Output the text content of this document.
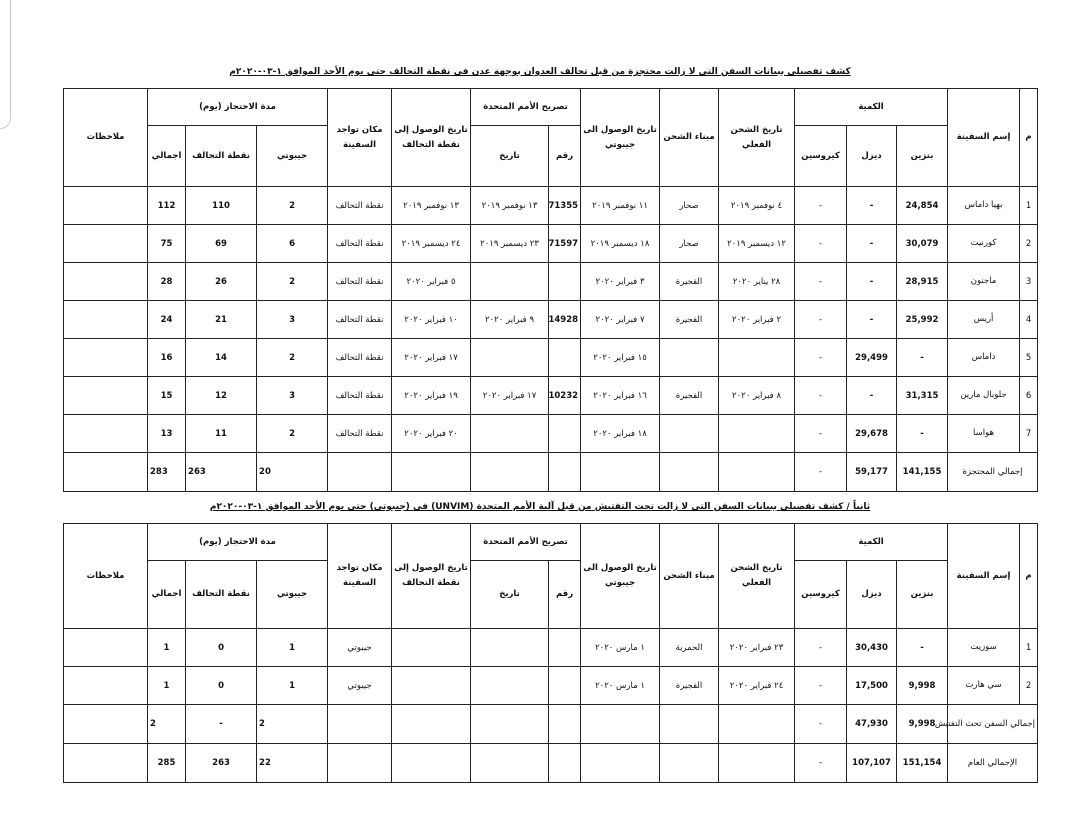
كشف تفصيلي ببيانات السفن التي لا زالت محتجزة من قبل تحالف العدوان بوجهة عدن في نقطة التحالف حتى يوم الأحد الموافق ١-٠٣-٢٠٢٠م
م	إسم السفينة	الكمية			تاريخ الشحن الفعلي	ميناء الشحن	تاريخ الوصول الى جيبوتي	تصريح الأمم المتحدة		تاريخ الوصول إلى نقطة التحالف	مكان تواجد السفينة	مدة الاحتجاز (يوم)			ملاحظات
		بنزين	ديزل	كيروسين				رقم	تاريخ			جيبوتي	نقطة التحالف	اجمالي	
1	بهيا داماس	24,854	-	-	٤ نوفمبر ٢٠١٩	صحار	١١ نوفمبر ٢٠١٩	71355	١٣ نوفمبر ٢٠١٩	١٣ نوفمبر ٢٠١٩	نقطة التحالف	2	110	112	
2	كورنيت	30,079	-	-	١٢ ديسمبر ٢٠١٩	صحار	١٨ ديسمبر ٢٠١٩	71597	٢٣ ديسمبر ٢٠١٩	٢٤ ديسمبر ٢٠١٩	نقطة التحالف	6	69	75	
3	ماجنون	28,915	-	-	٢٨ يناير ٢٠٢٠	الفجيرة	٣ فبراير ٢٠٢٠			٥ فبراير ٢٠٢٠	نقطة التحالف	2	26	28	
4	أريس	25,992	-	-	٢ فبراير ٢٠٢٠	الفجيرة	٧ فبراير ٢٠٢٠	14928	٩ فبراير ٢٠٢٠	١٠ فبراير ٢٠٢٠	نقطة التحالف	3	21	24	
5	داماس	-	29,499	-			١٥ فبراير ٢٠٢٠			١٧ فبراير ٢٠٢٠	نقطة التحالف	2	14	16	
6	جلوبال مارين	31,315	-	-	٨ فبراير ٢٠٢٠	الفجيرة	١٦ فبراير ٢٠٢٠	10232	١٧ فبراير ٢٠٢٠	١٩ فبراير ٢٠٢٠	نقطة التحالف	3	12	15	
7	هواسا	-	29,678	-			١٨ فبراير ٢٠٢٠			٢٠ فبراير ٢٠٢٠	نقطة التحالف	2	11	13	
إجمالي المحتجزة		141,155	59,177	-								20	263	283	
ثانياً / كشف تفصيلي ببيانات السفن التي لا زالت تحت التفتيش من قبل آلية الأمم المتحدة (UNVIM) في (جيبوتي) حتى يوم الأحد الموافق ١-٠٣-٢٠٢٠م
م	إسم السفينة	الكمية			تاريخ الشحن الفعلي	ميناء الشحن	تاريخ الوصول الى جيبوتي	تصريح الأمم المتحدة		تاريخ الوصول إلى نقطة التحالف	مكان تواجد السفينة	مدة الاحتجاز (يوم)			ملاحظات
		بنزين	ديزل	كيروسين				رقم	تاريخ			جيبوتي	نقطة التحالف	اجمالي	
1	سوزيت	-	30,430	-	٢٣ فبراير ٢٠٢٠	الحمرية	١ مارس ٢٠٢٠				جيبوتي	1	0	1	
2	سي هارت	9,998	17,500	-	٢٤ فبراير ٢٠٢٠	الفجيرة	١ مارس ٢٠٢٠				جيبوتي	1	0	1	
إجمالي السفن تحت التفتيش		9,998	47,930	-								2	-	2	
الإجمالي العام		151,154	107,107	-								22	263	285	
